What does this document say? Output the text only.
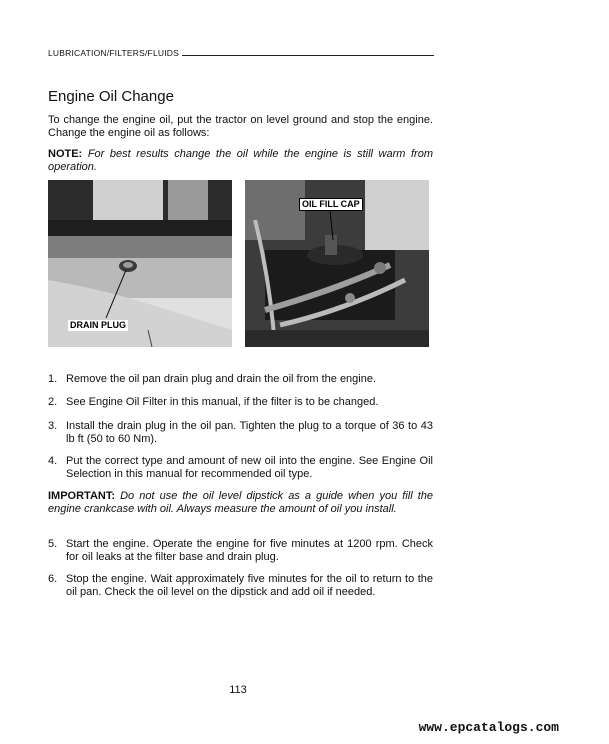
LUBRICATION/FILTERS/FLUIDS
Engine Oil Change

To change the engine oil, put the tractor on level ground and stop the engine. Change the engine oil as follows:

NOTE: For best results change the oil while the engine is still warm from operation.

DRAIN PLUG
OIL FILL CAP
1. Remove the oil pan drain plug and drain the oil from the engine.
2. See Engine Oil Filter in this manual, if the filter is to be changed.
3. Install the drain plug in the oil pan. Tighten the plug to a torque of 36 to 43 lb ft (50 to 60 Nm).
4. Put the correct type and amount of new oil into the engine. See Engine Oil Selection in this manual for recommended oil type.

IMPORTANT: Do not use the oil level dipstick as a guide when you fill the engine crankcase with oil. Always measure the amount of oil you install.

5. Start the engine. Operate the engine for five minutes at 1200 rpm. Check for oil leaks at the filter base and drain plug.
6. Stop the engine. Wait approximately five minutes for the oil to return to the oil pan. Check the oil level on the dipstick and add oil if needed.
113
www.epcatalogs.com
